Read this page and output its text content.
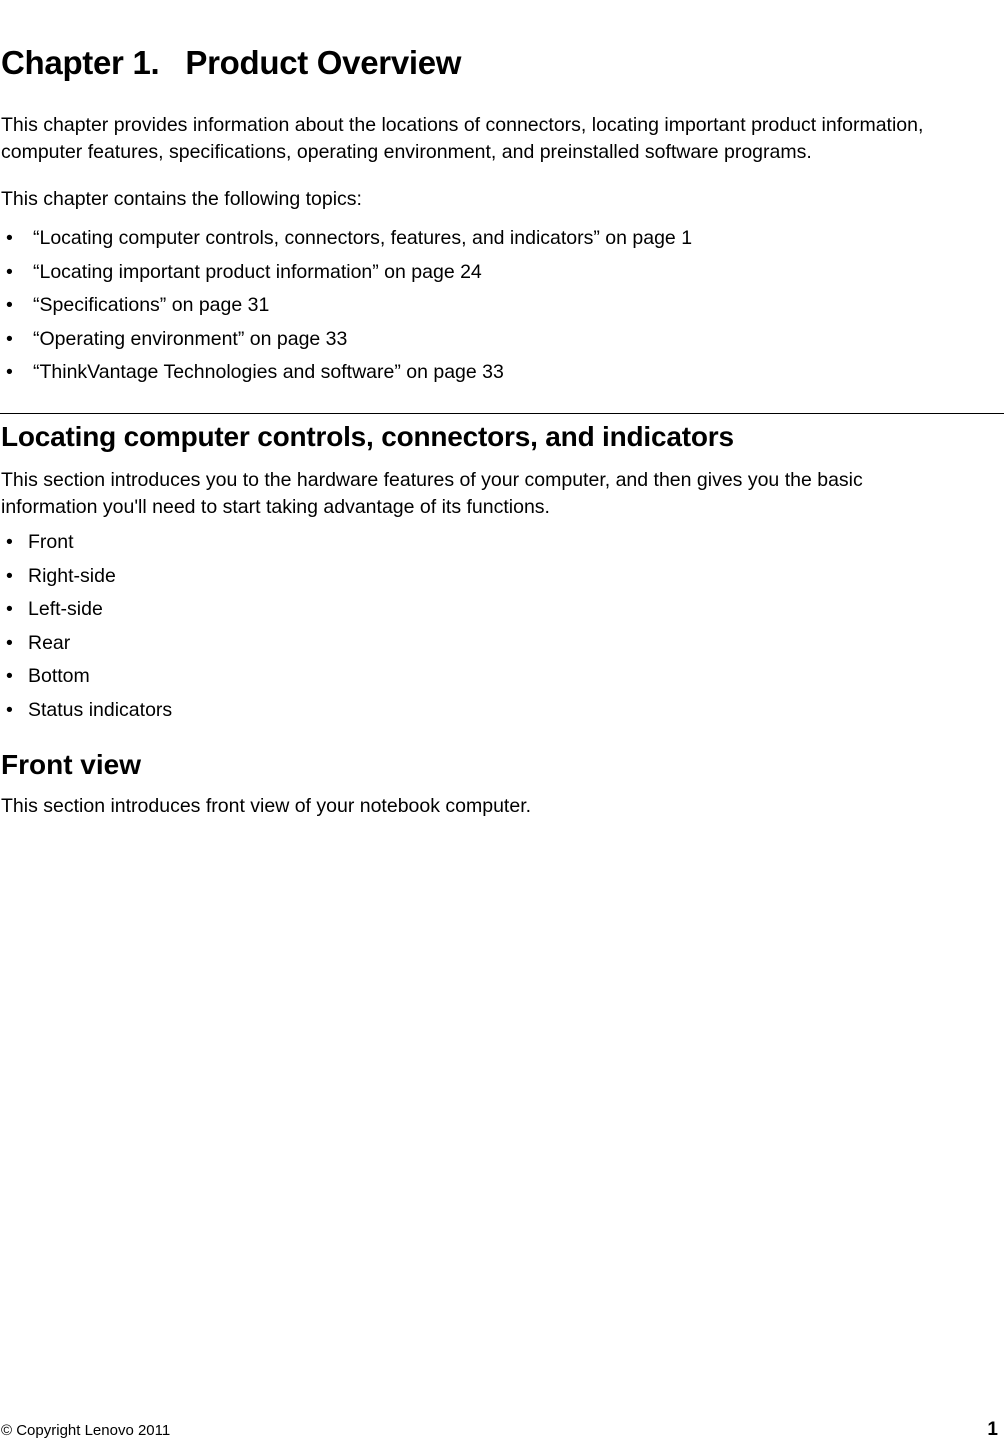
Chapter 1. Product Overview

This chapter provides information about the locations of connectors, locating important product information,
computer features, specifications, operating environment, and preinstalled software programs.

This chapter contains the following topics:

• “Locating computer controls, connectors, features, and indicators” on page 1
• “Locating important product information” on page 24
• “Specifications” on page 31
• “Operating environment” on page 33
• “ThinkVantage Technologies and software” on page 33
Locating computer controls, connectors, and indicators

This section introduces you to the hardware features of your computer, and then gives you the basic
information you'll need to start taking advantage of its functions.

• Front
• Right-side
• Left-side
• Rear
• Bottom
• Status indicators
Front view

This section introduces front view of your notebook computer.

© Copyright Lenovo 2011	1
